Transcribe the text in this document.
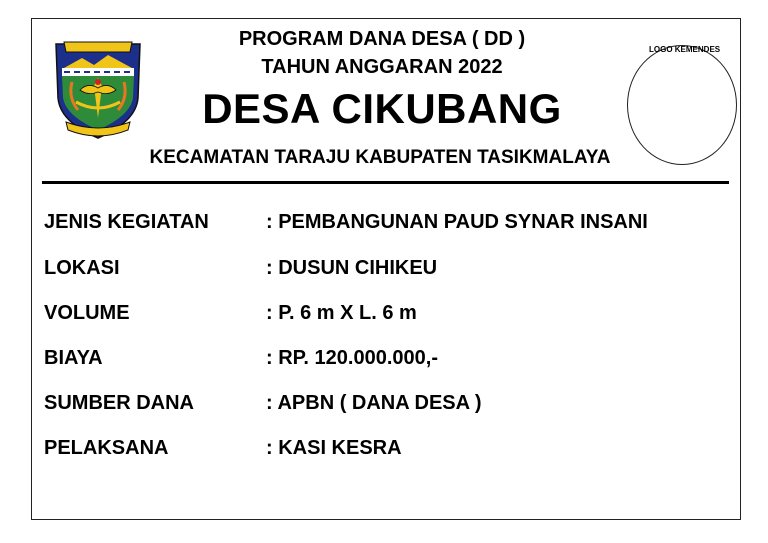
PROGRAM DANA DESA ( DD )
TAHUN ANGGARAN 2022
DESA CIKUBANG
KECAMATAN TARAJU KABUPATEN TASIKMALAYA
LOGO KEMENDES
JENIS KEGIATAN	: PEMBANGUNAN PAUD SYNAR INSANI
LOKASI	: DUSUN CIHIKEU
VOLUME	: P. 6 m X L. 6 m
BIAYA	: RP. 120.000.000,-
SUMBER DANA	: APBN ( DANA DESA )
PELAKSANA	: KASI KESRA
